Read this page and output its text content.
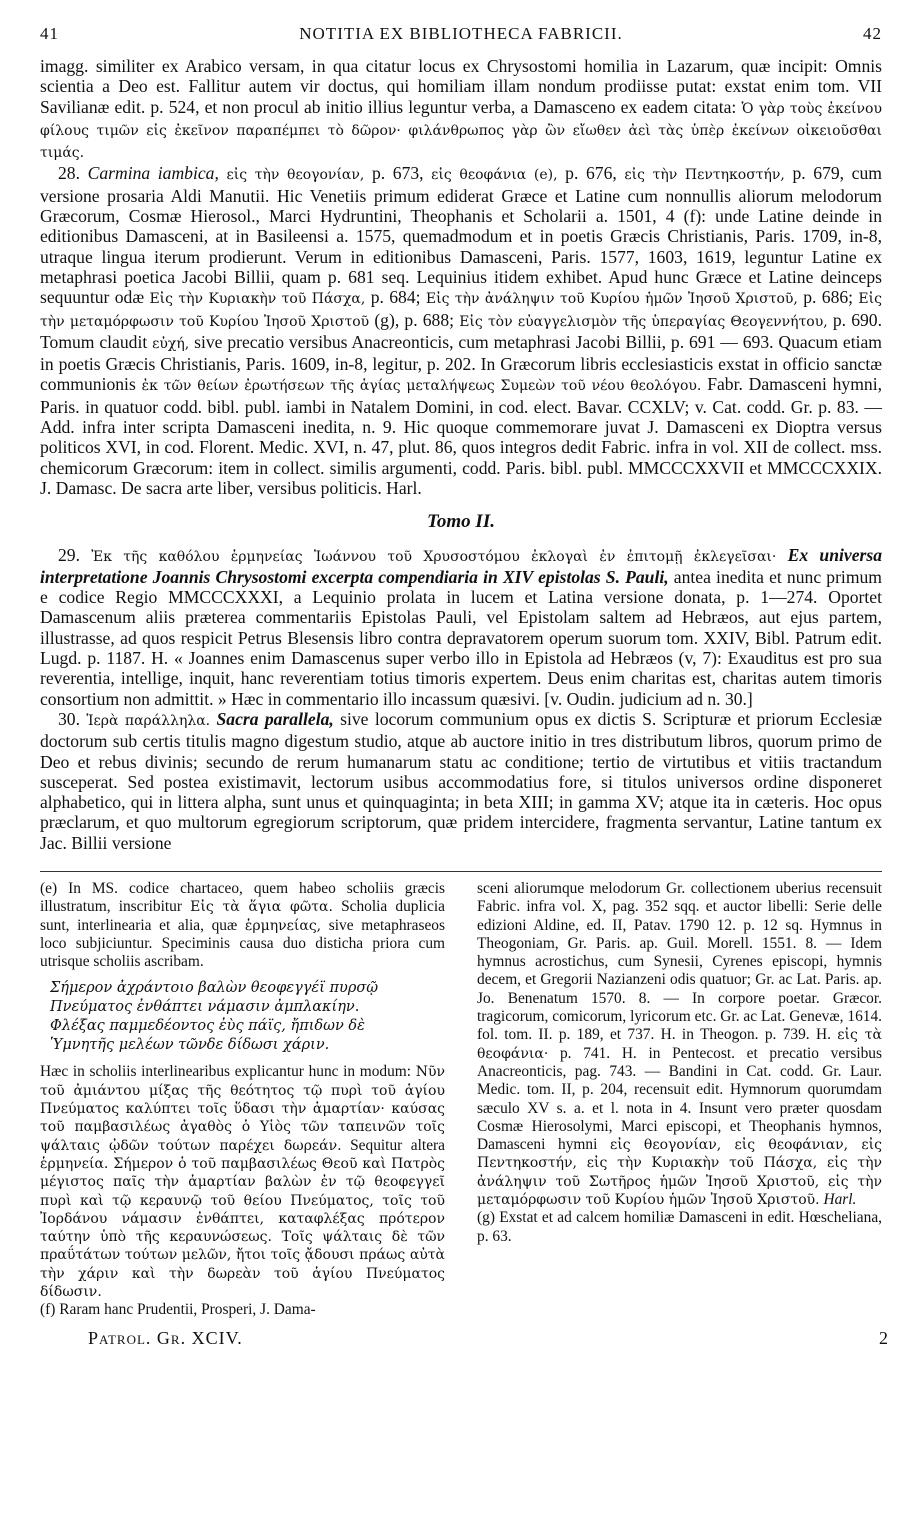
41	NOTITIA EX BIBLIOTHECA FABRICII.	42

imagg. similiter ex Arabico versam, in qua citatur locus ex Chrysostomi homilia in Lazarum, quæ incipit: Omnis scientia a Deo est. Fallitur autem vir doctus, qui homiliam illam nondum prodiisse putat: exstat enim tom. VII Savilianæ edit. p. 524, et non procul ab initio illius leguntur verba, a Damasceno ex eadem citata: Ὁ γὰρ τοὺς ἐκείνου φίλους τιμῶν εἰς ἐκεῖνον παραπέμπει τὸ δῶρον· φιλάνθρωπος γὰρ ὢν εἴωθεν ἀεὶ τὰς ὑπὲρ ἐκείνων οἰκειοῦσθαι τιμάς.

28. Carmina iambica, εἰς τὴν θεογονίαν, p. 673, εἰς θεοφάνια (e), p. 676, εἰς τὴν Πεντηκοστήν, p. 679, cum versione prosaria Aldi Manutii. Hic Venetiis primum ediderat Græce et Latine cum nonnullis aliorum melodorum Græcorum, Cosmæ Hierosol., Marci Hydruntini, Theophanis et Scholarii a. 1501, 4 (f): unde Latine deinde in editionibus Damasceni, at in Basileensi a. 1575, quemadmodum et in poetis Græcis Christianis, Paris. 1709, in-8, utraque lingua iterum prodierunt. Verum in editionibus Damasceni, Paris. 1577, 1603, 1619, leguntur Latine ex metaphrasi poetica Jacobi Billii, quam p. 681 seq. Lequinius itidem exhibet. Apud hunc Græce et Latine deinceps sequuntur odæ Εἰς τὴν Κυριακὴν τοῦ Πάσχα, p. 684; Εἰς τὴν ἀνάληψιν τοῦ Κυρίου ἡμῶν Ἰησοῦ Χριστοῦ, p. 686; Εἰς τὴν μεταμόρφωσιν τοῦ Κυρίου Ἰησοῦ Χριστοῦ (g), p. 688; Εἰς τὸν εὐαγγελισμὸν τῆς ὑπεραγίας Θεογεννήτου, p. 690. Tomum claudit εὐχή, sive precatio versibus Anacreonticis, cum metaphrasi Jacobi Billii, p. 691 — 693. Quacum etiam in poetis Græcis Christianis, Paris. 1609, in-8, legitur, p. 202. In Græcorum libris ecclesiasticis exstat in officio sanctæ communionis ἐκ τῶν θείων ἐρωτήσεων τῆς ἁγίας μεταλήψεως Συμεὼν τοῦ νέου θεολόγου. Fabr. Damasceni hymni, Paris. in quatuor codd. bibl. publ. iambi in Natalem Domini, in cod. elect. Bavar. CCXLV; v. Cat. codd. Gr. p. 83. — Add. infra inter scripta Damasceni inedita, n. 9. Hic quoque commemorare juvat J. Damasceni ex Dioptra versus politicos XVI, in cod. Florent. Medic. XVI, n. 47, plut. 86, quos integros dedit Fabric. infra in vol. XII de collect. mss. chemicorum Græcorum: item in collect. similis argumenti, codd. Paris. bibl. publ. MMCCCXXVII et MMCCCXXIX. J. Damasc. De sacra arte liber, versibus politicis. Harl.

Tomo II.

29. Ἐκ τῆς καθόλου ἑρμηνείας Ἰωάννου τοῦ Χρυσοστόμου ἐκλογαὶ ἐν ἐπιτομῇ ἐκλεγεῖσαι· Ex universa interpretatione Joannis Chrysostomi excerpta compendiaria in XIV epistolas S. Pauli, antea inedita et nunc primum e codice Regio MMCCCXXXI, a Lequinio prolata in lucem et Latina versione donata, p. 1—274. Oportet Damascenum aliis præterea commentariis Epistolas Pauli, vel Epistolam saltem ad Hebræos, aut ejus partem, illustrasse, ad quos respicit Petrus Blesensis libro contra depravatorem operum suorum tom. XXIV, Bibl. Patrum edit. Lugd. p. 1187. H. « Joannes enim Damascenus super verbo illo in Epistola ad Hebræos (v, 7): Exauditus est pro sua reverentia, intellige, inquit, hanc reverentiam totius timoris expertem. Deus enim charitas est, charitas autem timoris consortium non admittit. » Hæc in commentario illo incassum quæsivi. [v. Oudin. judicium ad n. 30.]

30. Ἱερὰ παράλληλα. Sacra parallela, sive locorum communium opus ex dictis S. Scripturæ et priorum Ecclesiæ doctorum sub certis titulis magno digestum studio, atque ab auctore initio in tres distributum libros, quorum primo de Deo et rebus divinis; secundo de rerum humanarum statu ac conditione; tertio de virtutibus et vitiis tractandum susceperat. Sed postea existimavit, lectorum usibus accommodatius fore, si titulos universos ordine disponeret alphabetico, qui in littera alpha, sunt unus et quinquaginta; in beta XIII; in gamma XV; atque ita in cæteris. Hoc opus præclarum, et quo multorum egregiorum scriptorum, quæ pridem intercidere, fragmenta servantur, Latine tantum ex Jac. Billii versione

(e) In MS. codice chartaceo, quem habeo scholiis græcis illustratum, inscribitur Εἰς τὰ ἅγια φῶτα. Scholia duplicia sunt, interlinearia et alia, quæ ἑρμηνείας, sive metaphraseos loco subjiciuntur. Speciminis causa duo disticha priora cum utrisque scholiis ascribam.

Σήμερον ἀχράντοιο βαλὼν θεοφεγγέϊ πυρσῷ
Πνεύματος ἐνθάπτει νάμασιν ἀμπλακίην.
Φλέξας παμμεδέοντος ἐὺς πάϊς, ἤπιδων δὲ
Ὑμνητῆς μελέων τῶνδε δίδωσι χάριν.

Hæc in scholiis interlinearibus explicantur hunc in modum: Νῦν τοῦ ἀμιάντου μίξας τῆς θεότητος τῷ πυρὶ τοῦ ἁγίου Πνεύματος καλύπτει τοῖς ὕδασι τὴν ἁμαρτίαν· καύσας τοῦ παμβασιλέως ἀγαθὸς ὁ Υἱὸς τῶν ταπεινῶν τοῖς ψάλταις ᾠδῶν τούτων παρέχει δωρεάν. Sequitur altera ἑρμηνεία. Σήμερον ὁ τοῦ παμβασιλέως Θεοῦ καὶ Πατρὸς μέγιστος παῖς τὴν ἁμαρτίαν βαλὼν ἐν τῷ θεοφεγγεῖ πυρὶ καὶ τῷ κεραυνῷ τοῦ θείου Πνεύματος, τοῖς τοῦ Ἰορδάνου νάμασιν ἐνθάπτει, καταφλέξας πρότερον ταύτην ὑπὸ τῆς κεραυνώσεως. Τοῖς ψάλταις δὲ τῶν πραΰτάτων τούτων μελῶν, ἤτοι τοῖς ᾄδουσι πράως αὐτὰ τὴν χάριν καὶ τὴν δωρεὰν τοῦ ἁγίου Πνεύματος δίδωσιν.

(f) Raram hanc Prudentii, Prosperi, J. Dama-

sceni aliorumque melodorum Gr. collectionem uberius recensuit Fabric. infra vol. X, pag. 352 sqq. et auctor libelli: Serie delle edizioni Aldine, ed. II, Patav. 1790 12. p. 12 sq. Hymnus in Theogoniam, Gr. Paris. ap. Guil. Morell. 1551. 8. — Idem hymnus acrostichus, cum Synesii, Cyrenes episcopi, hymnis decem, et Gregorii Nazianzeni odis quatuor; Gr. ac Lat. Paris. ap. Jo. Benenatum 1570. 8. — In corpore poetar. Græcor. tragicorum, comicorum, lyricorum etc. Gr. ac Lat. Genevæ, 1614. fol. tom. II. p. 189, et 737. H. in Theogon. p. 739. H. εἰς τὰ θεοφάνια· p. 741. H. in Pentecost. et precatio versibus Anacreonticis, pag. 743. — Bandini in Cat. codd. Gr. Laur. Medic. tom. II, p. 204, recensuit edit. Hymnorum quorumdam sæculo XV s. a. et l. nota in 4. Insunt vero præter quosdam Cosmæ Hierosolymi, Marci episcopi, et Theophanis hymnos, Damasceni hymni εἰς θεογονίαν, εἰς θεοφάνιαν, εἰς Πεντηκοστήν, εἰς τὴν Κυριακὴν τοῦ Πάσχα, εἰς τὴν ἀνάληψιν τοῦ Σωτῆρος ἡμῶν Ἰησοῦ Χριστοῦ, εἰς τὴν μεταμόρφωσιν τοῦ Κυρίου ἡμῶν Ἰησοῦ Χριστοῦ. Harl.

(g) Exstat et ad calcem homiliæ Damasceni in edit. Hœscheliana, p. 63.

Patrol. Gr. XCIV.	2
